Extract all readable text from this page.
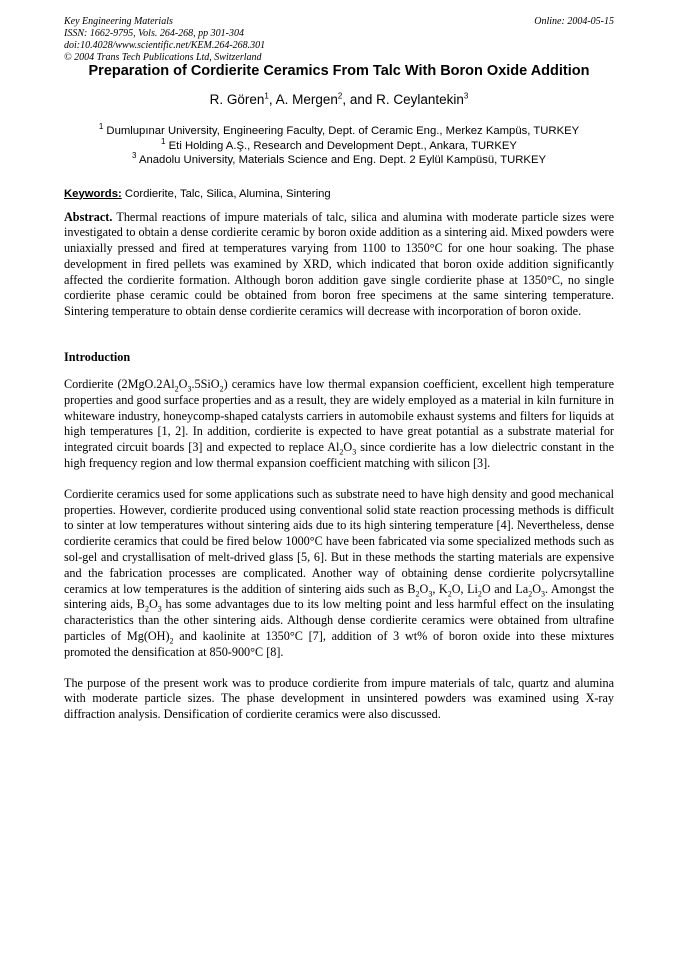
Key Engineering Materials
ISSN: 1662-9795, Vols. 264-268, pp 301-304
doi:10.4028/www.scientific.net/KEM.264-268.301
© 2004 Trans Tech Publications Ltd, Switzerland
Online: 2004-05-15
Preparation of Cordierite Ceramics From Talc With Boron Oxide Addition
R. Gören$^1$, A. Mergen$^2$, and R. Ceylantekin$^3$
$^1$ Dumlupınar University, Engineering Faculty, Dept. of Ceramic Eng., Merkez Kampüs, TURKEY
$^1$ Eti Holding A.Ş., Research and Development Dept., Ankara, TURKEY
$^3$ Anadolu University, Materials Science and Eng. Dept. 2 Eylül Kampüsü, TURKEY
Keywords: Cordierite, Talc, Silica, Alumina, Sintering

Abstract. Thermal reactions of impure materials of talc, silica and alumina with moderate particle sizes were investigated to obtain a dense cordierite ceramic by boron oxide addition as a sintering aid. Mixed powders were uniaxially pressed and fired at temperatures varying from 1100 to 1350°C for one hour soaking. The phase development in fired pellets was examined by XRD, which indicated that boron oxide addition significantly affected the cordierite formation. Although boron addition gave single cordierite phase at 1350°C, no single cordierite phase ceramic could be obtained from boron free specimens at the same sintering temperature. Sintering temperature to obtain dense cordierite ceramics will decrease with incorporation of boron oxide.

Introduction

Cordierite $(2MgO.2Al_2O_3.5SiO_2)$ ceramics have low thermal expansion coefficient, excellent high temperature properties and good surface properties and as a result, they are widely employed as a material in kiln furniture in whiteware industry, honeycomp-shaped catalysts carriers in automobile exhaust systems and filters for liquids at high temperatures [1, 2]. In addition, cordierite is expected to have great potantial as a substrate material for integrated circuit boards [3] and expected to replace $Al_2O_3$ since cordierite has a low dielectric constant in the high frequency region and low thermal expansion coefficient matching with silicon [3].

Cordierite ceramics used for some applications such as substrate need to have high density and good mechanical properties. However, cordierite produced using conventional solid state reaction processing methods is difficult to sinter at low temperatures without sintering aids due to its high sintering temperature [4]. Nevertheless, dense cordierite ceramics that could be fired below 1000°C have been fabricated via some specialized methods such as sol-gel and crystallisation of melt-drived glass [5, 6]. But in these methods the starting materials are expensive and the fabrication processes are complicated. Another way of obtaining dense cordierite polycrsytalline ceramics at low temperatures is the addition of sintering aids such as $B_2O_3$, $K_2O$, $Li_2O$ and $La_2O_3$. Amongst the sintering aids, $B_2O_3$ has some advantages due to its low melting point and less harmful effect on the insulating characteristics than the other sintering aids. Although dense cordierite ceramics were obtained from ultrafine particles of $Mg(OH)_2$ and kaolinite at 1350°C [7], addition of 3 wt% of boron oxide into these mixtures promoted the densification at 850-900°C [8].

The purpose of the present work was to produce cordierite from impure materials of talc, quartz and alumina with moderate particle sizes. The phase development in unsintered powders was examined using X-ray diffraction analysis. Densification of cordierite ceramics were also discussed.
